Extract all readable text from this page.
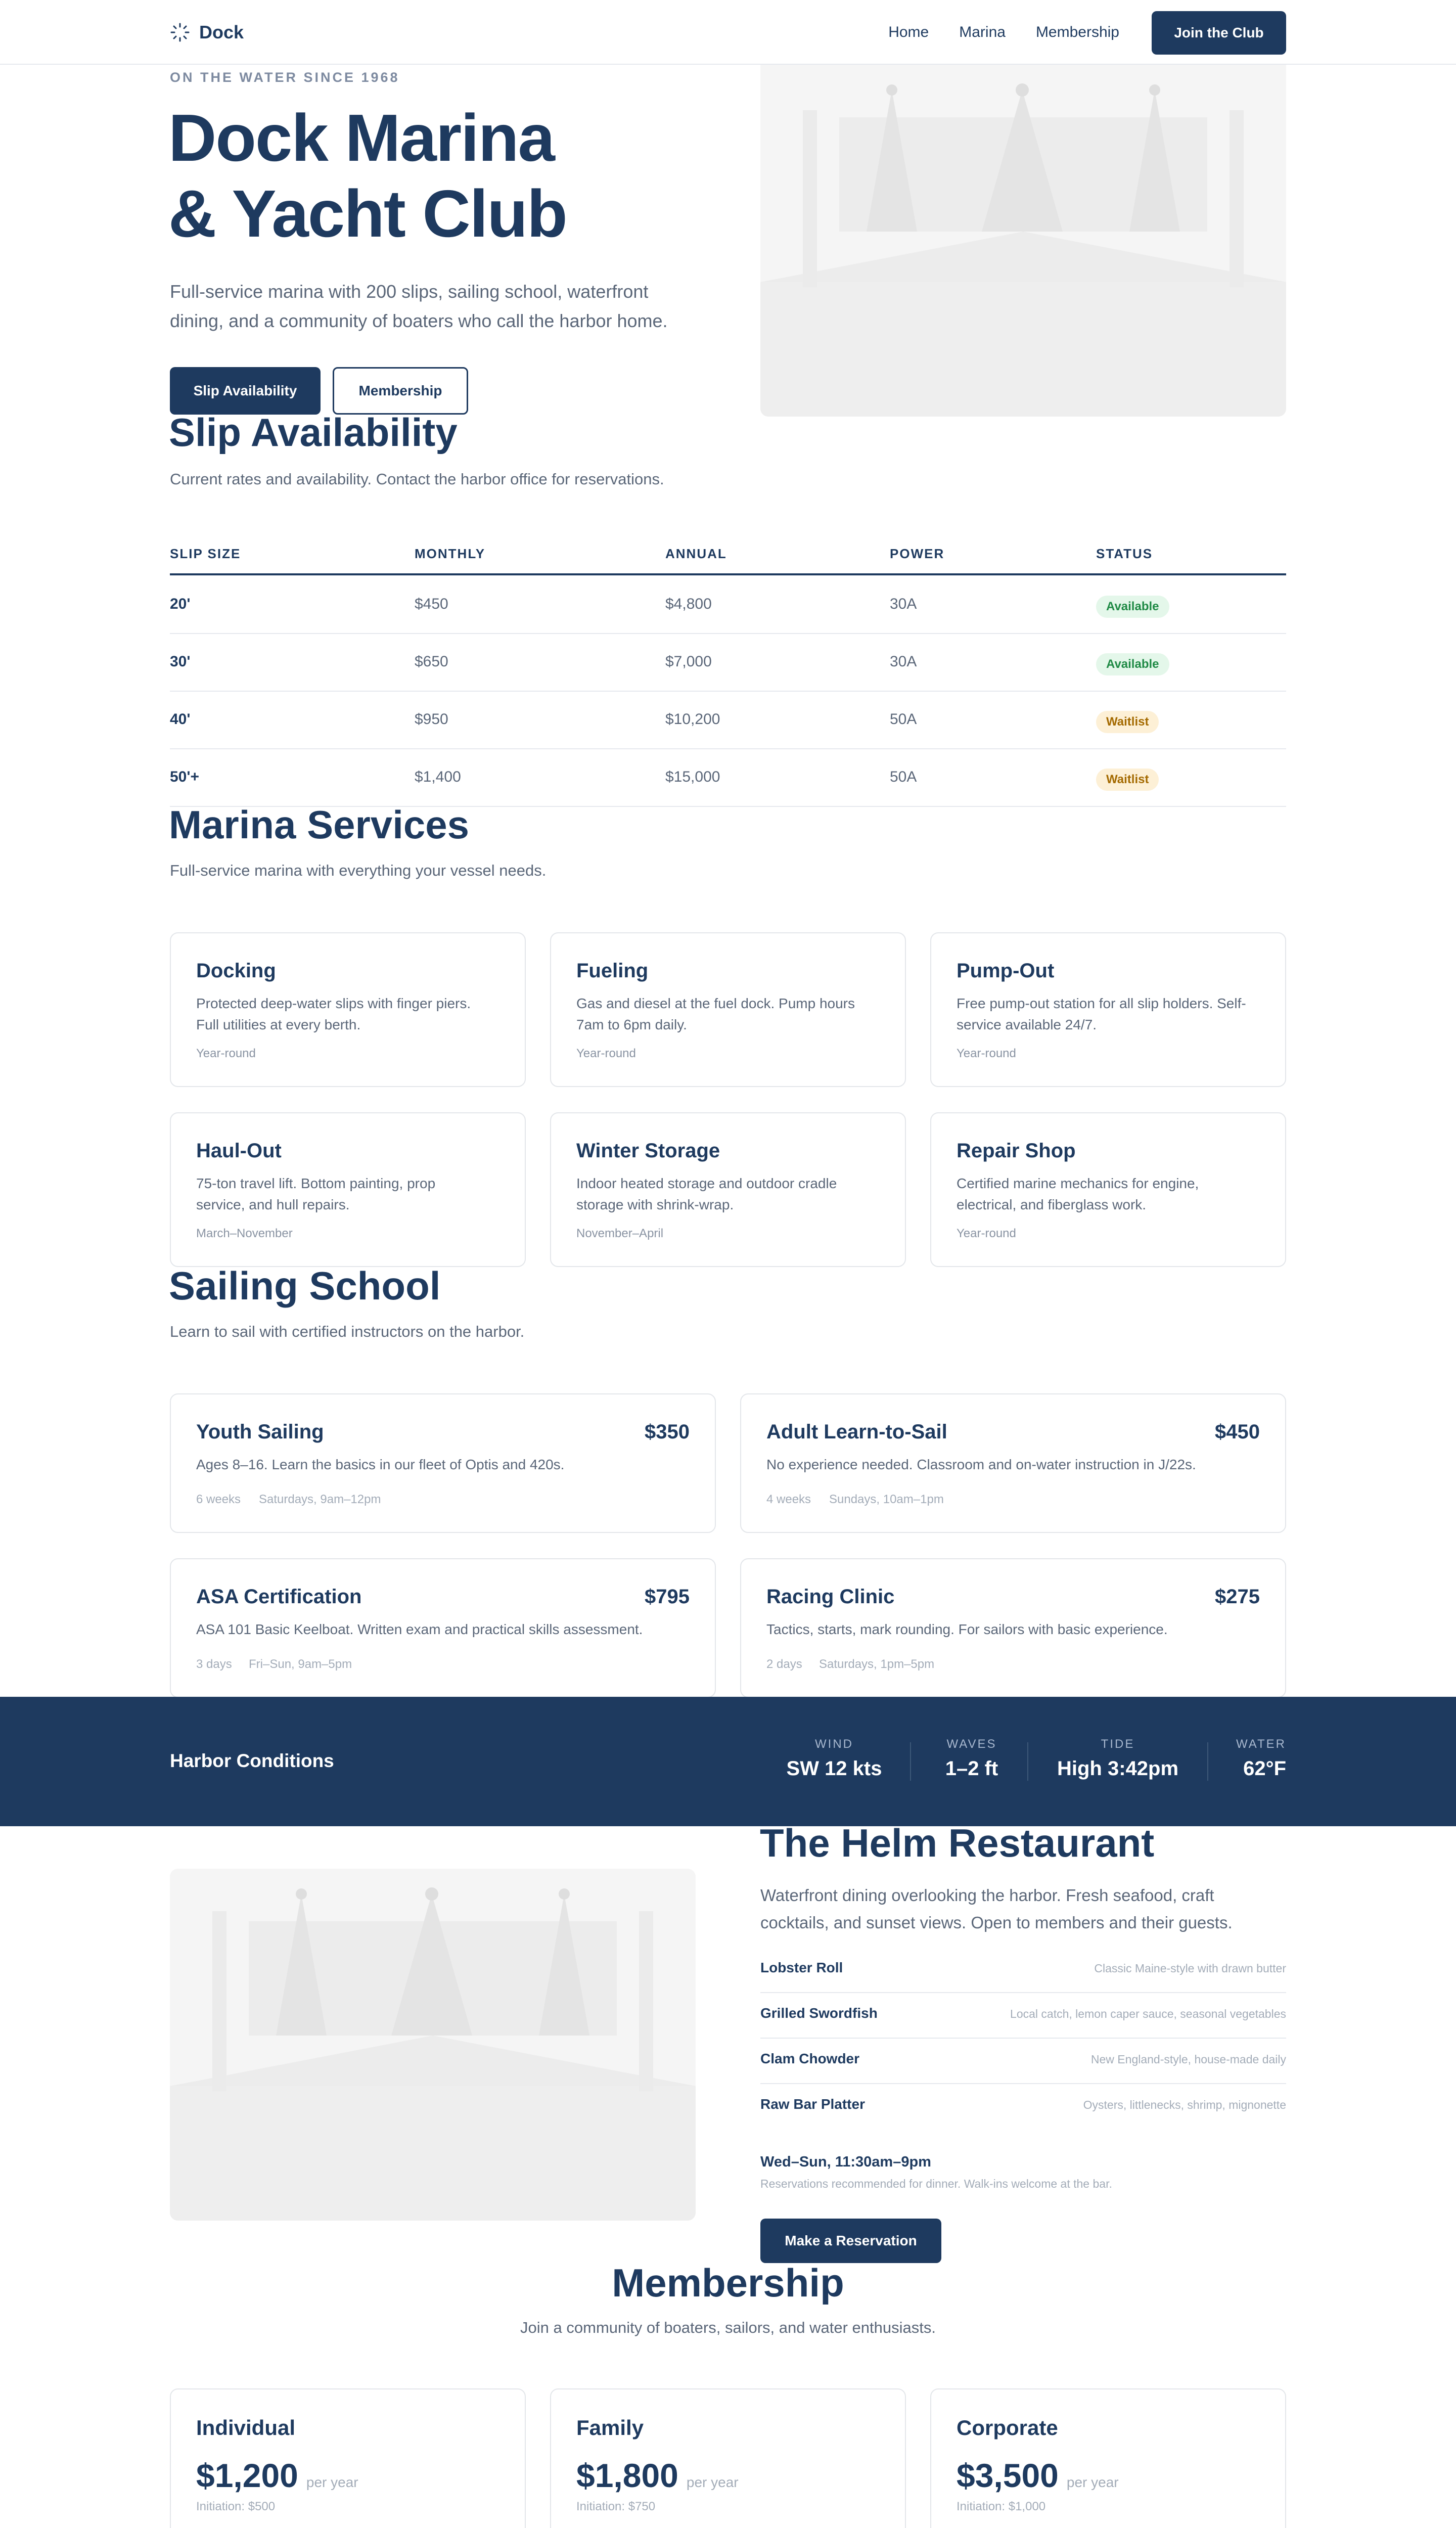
Dock	Home Marina Membership	Join the Club
ON THE WATER SINCE 1968
Dock Marina
& Yacht Club
Full-service marina with 200 slips, sailing school, waterfront
dining, and a community of boaters who call the harbor home.
Slip Availability	Membership
Slip Availability
Current rates and availability. Contact the harbor office for reservations.
SLIP SIZE	MONTHLY	ANNUAL	POWER	STATUS
20'	$450	$4,800	30A	Available
30'	$650	$7,000	30A	Available
40'	$950	$10,200	50A	Waitlist
50'+	$1,400	$15,000	50A	Waitlist
Marina Services
Full-service marina with everything your vessel needs.
Docking

Protected deep-water slips with finger piers.
Full utilities at every berth.

Year-round
Fueling

Gas and diesel at the fuel dock. Pump hours
7am to 6pm daily.

Year-round
Pump-Out

Free pump-out station for all slip holders. Self-
service available 24/7.

Year-round
Haul-Out

75-ton travel lift. Bottom painting, prop
service, and hull repairs.

March–November
Winter Storage

Indoor heated storage and outdoor cradle
storage with shrink-wrap.

November–April
Repair Shop

Certified marine mechanics for engine,
electrical, and fiberglass work.

Year-round
Sailing School
Learn to sail with certified instructors on the harbor.
Youth Sailing	$350

Ages 8–16. Learn the basics in our fleet of Optis and 420s.

6 weeks Saturdays, 9am–12pm
Adult Learn-to-Sail	$450

No experience needed. Classroom and on-water instruction in J/22s.

4 weeks Sundays, 10am–1pm
ASA Certification	$795

ASA 101 Basic Keelboat. Written exam and practical skills assessment.

3 days Fri–Sun, 9am–5pm
Racing Clinic	$275

Tactics, starts, mark rounding. For sailors with basic experience.

2 days Saturdays, 1pm–5pm
Harbor Conditions
WIND
SW 12 kts
WAVES
1–2 ft
TIDE
High 3:42pm
WATER
62°F
The Helm Restaurant
Waterfront dining overlooking the harbor. Fresh seafood, craft
cocktails, and sunset views. Open to members and their guests.
Lobster Roll	Classic Maine-style with drawn butter
Grilled Swordfish	Local catch, lemon caper sauce, seasonal vegetables
Clam Chowder	New England-style, house-made daily
Raw Bar Platter	Oysters, littlenecks, shrimp, mignonette
Wed–Sun, 11:30am–9pm
Reservations recommended for dinner. Walk-ins welcome at the bar.
Make a Reservation
Membership
Join a community of boaters, sailors, and water enthusiasts.
Individual
$1,200 per year
Initiation: $500
Family
$1,800 per year
Initiation: $750
Corporate
$3,500 per year
Initiation: $1,000
